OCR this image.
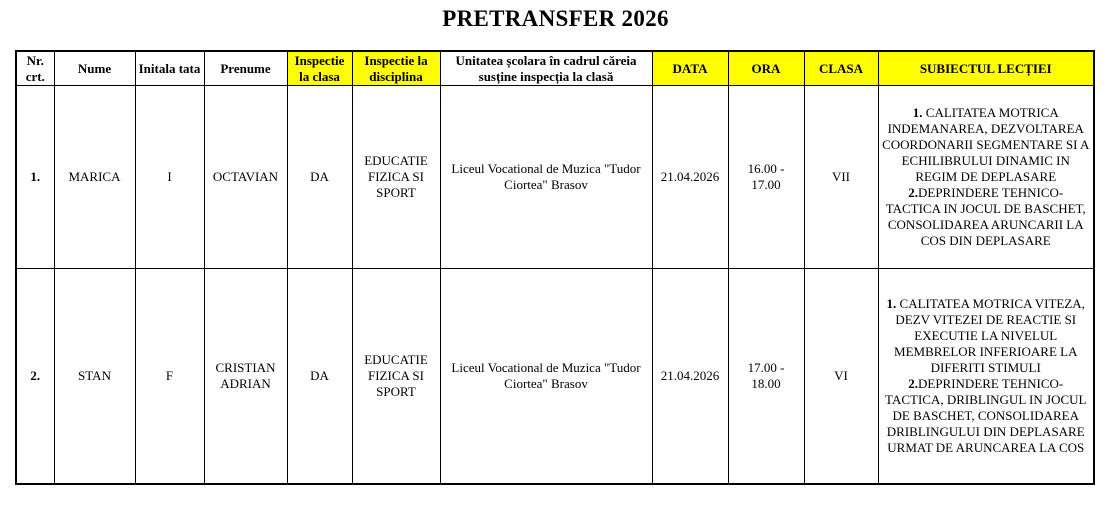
PRETRANSFER 2026
Nr. crt.	Nume	Initala tata	Prenume	Inspectie la clasa	Inspectie la disciplina	Unitatea școlara în cadrul căreia susține inspecția la clasă	DATA	ORA	CLASA	SUBIECTUL LECȚIEI
1.	MARICA	I	OCTAVIAN	DA	EDUCATIE FIZICA SI SPORT	Liceul Vocational de Muzica "Tudor Ciortea" Brasov	21.04.2026	16.00 - 17.00	VII	1. CALITATEA MOTRICA INDEMANAREA, DEZVOLTAREA COORDONARII SEGMENTARE SI A ECHILIBRULUI DINAMIC IN REGIM DE DEPLASARE
2.DEPRINDERE TEHNICO-TACTICA IN JOCUL DE BASCHET, CONSOLIDAREA ARUNCARII LA COS DIN DEPLASARE
2.	STAN	F	CRISTIAN ADRIAN	DA	EDUCATIE FIZICA SI SPORT	Liceul Vocational de Muzica "Tudor Ciortea" Brasov	21.04.2026	17.00 - 18.00	VI	1. CALITATEA MOTRICA VITEZA, DEZV VITEZEI DE REACTIE SI EXECUTIE LA NIVELUL MEMBRELOR INFERIOARE LA DIFERITI STIMULI
2.DEPRINDERE TEHNICO-TACTICA, DRIBLINGUL IN JOCUL DE BASCHET, CONSOLIDAREA DRIBLINGULUI DIN DEPLASARE URMAT DE ARUNCAREA LA COS
